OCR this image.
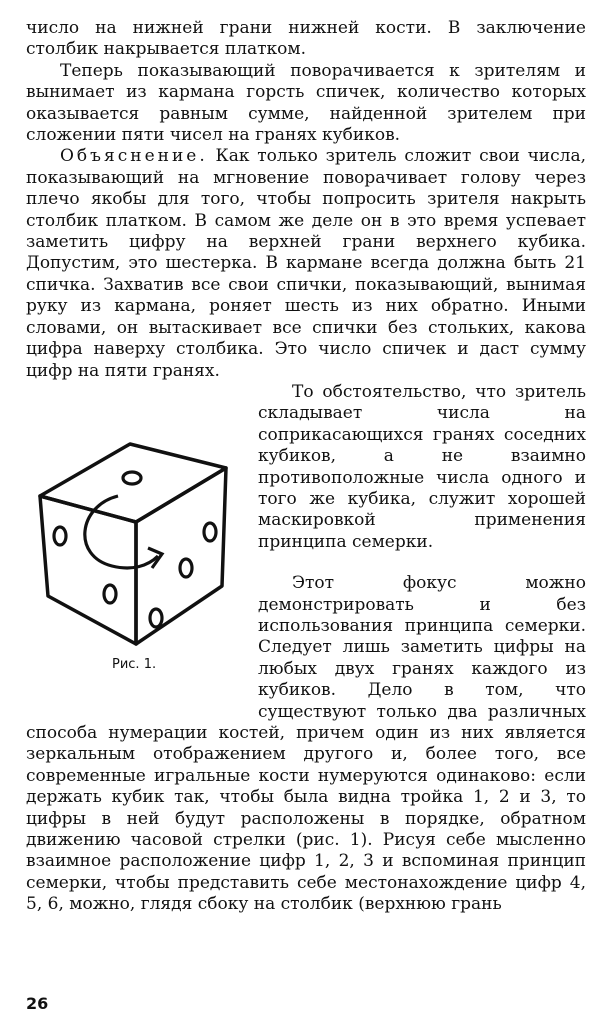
число на нижней грани нижней кости. В заключение столбик накрывается платком.

Теперь показывающий поворачивается к зрителям и вынимает из кармана горсть спичек, количество которых оказывается равным сумме, найденной зрителем при сложении пяти чисел на гранях кубиков.

Объяснение. Как только зритель сложит свои числа, показывающий на мгновение поворачивает голову через плечо якобы для того, чтобы попросить зрителя накрыть столбик платком. В самом же деле он в это время успевает заметить цифру на верхней грани верхнего кубика. Допустим, это шестерка. В кармане всегда должна быть 21 спичка. Захватив все свои спички, показывающий, вынимая руку из кармана, роняет шесть из них обратно. Иными словами, он вытаскивает все спички без стольких, какова цифра наверху столбика. Это число спичек и даст сумму цифр на пяти гранях.

Рис. 1.

То обстоятельство, что зритель складывает числа на соприкасающихся гранях соседних кубиков, а не взаимно противоположные числа одного и того же кубика, служит хорошей маскировкой применения принципа семерки.

Этот фокус можно демонстрировать и без использования принципа семерки. Следует лишь заметить цифры на любых двух гранях каждого из кубиков. Дело в том, что существуют только два различных способа нумерации костей, причем один из них является зеркальным отображением другого и, более того, все современные игральные кости нумеруются одинаково: если держать кубик так, чтобы была видна тройка 1, 2 и 3, то цифры в ней будут расположены в порядке, обратном движению часовой стрелки (рис. 1). Рисуя себе мысленно взаимное расположение цифр 1, 2, 3 и вспоминая принцип семерки, чтобы представить себе местонахождение цифр 4, 5, 6, можно, глядя сбоку на столбик (верхнюю грань

26
